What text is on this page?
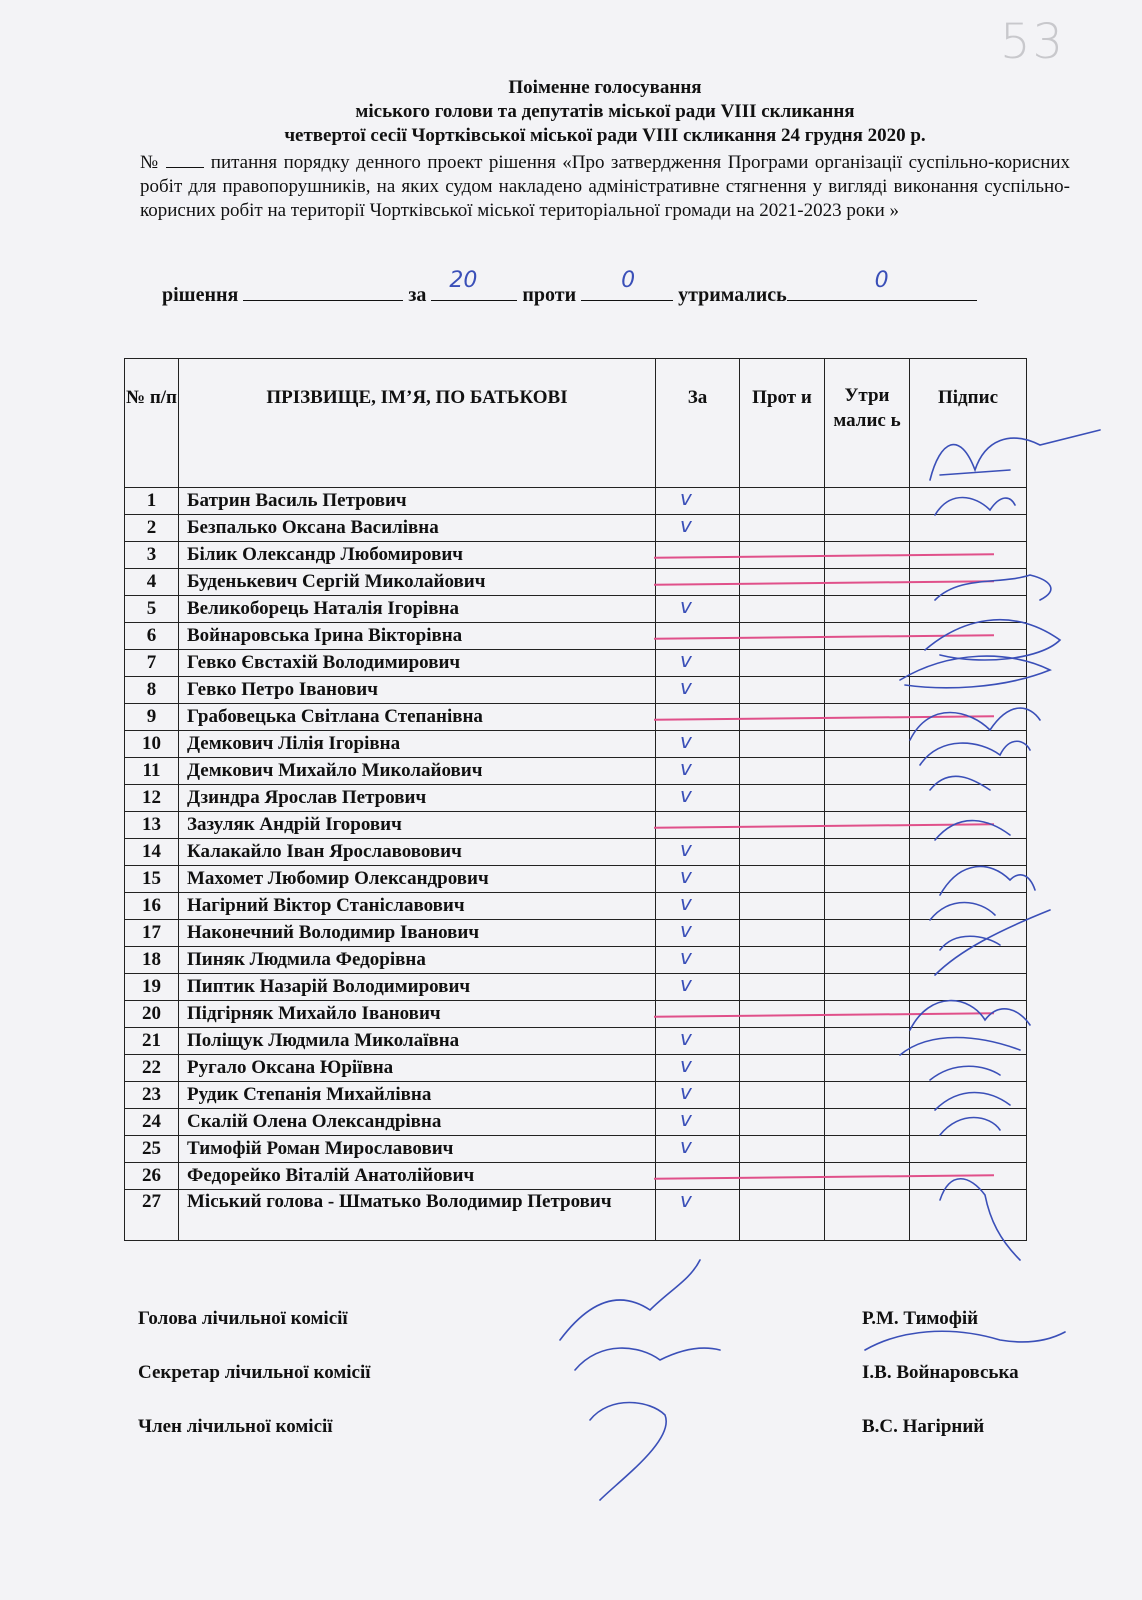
53
Поіменне голосування
міського голови та депутатів міської ради VIII скликання
четвертої сесії Чортківської міської ради VIII скликання 24 грудня 2020 р.
№	питання порядку денного проект рішення «Про затвердження Програми організації суспільно-корисних робіт для правопорушників, на яких судом накладено адміністративне стягнення у вигляді виконання суспільно-корисних робіт на території Чортківської міської територіальної громади на 2021-2023 роки »
рішення	за
20
проти
0
утримались
0
№ п/п	ПРІЗВИЩЕ, ІМ’Я, ПО БАТЬКОВІ	За	Прот и	Утри малис ь	Підпис
1	Батрин Василь Петрович	v			

2	Безпалько Оксана Василівна	v			

3	Білик Олександр Любомирович	

4	Буденькевич Сергій Миколайович	

5	Великоборець Наталія Ігорівна	v			

6	Войнаровська Ірина Вікторівна	

7	Гевко Євстахій Володимирович	v			

8	Гевко Петро Іванович	v			

9	Грабовецька Світлана Степанівна	

10	Демкович Лілія Ігорівна	v			

11	Демкович Михайло Миколайович	v			

12	Дзиндра Ярослав Петрович	v			

13	Зазуляк Андрій Ігорович	

14	Калакайло Іван Ярославовович	v			

15	Махомет Любомир Олександрович	v			

16	Нагірний Віктор Станіславович	v			

17	Наконечний Володимир Іванович	v			

18	Пиняк Людмила Федорівна	v			

19	Пиптик Назарій Володимирович	v			

20	Підгірняк Михайло Іванович	

21	Поліщук Людмила Миколаївна	v			

22	Ругало Оксана Юріївна	v			

23	Рудик Степанія Михайлівна	v			

24	Скалій Олена Олександрівна	v			

25	Тимофій Роман Мирославович	v			

26	Федорейко Віталій Анатолійович	

27	Міський голова - Шматько Володимир Петрович	v			

Голова лічильної комісії	Р.М. Тимофій
Секретар лічильної комісії	І.В. Войнаровська
Член лічильної комісії	В.С. Нагірний
